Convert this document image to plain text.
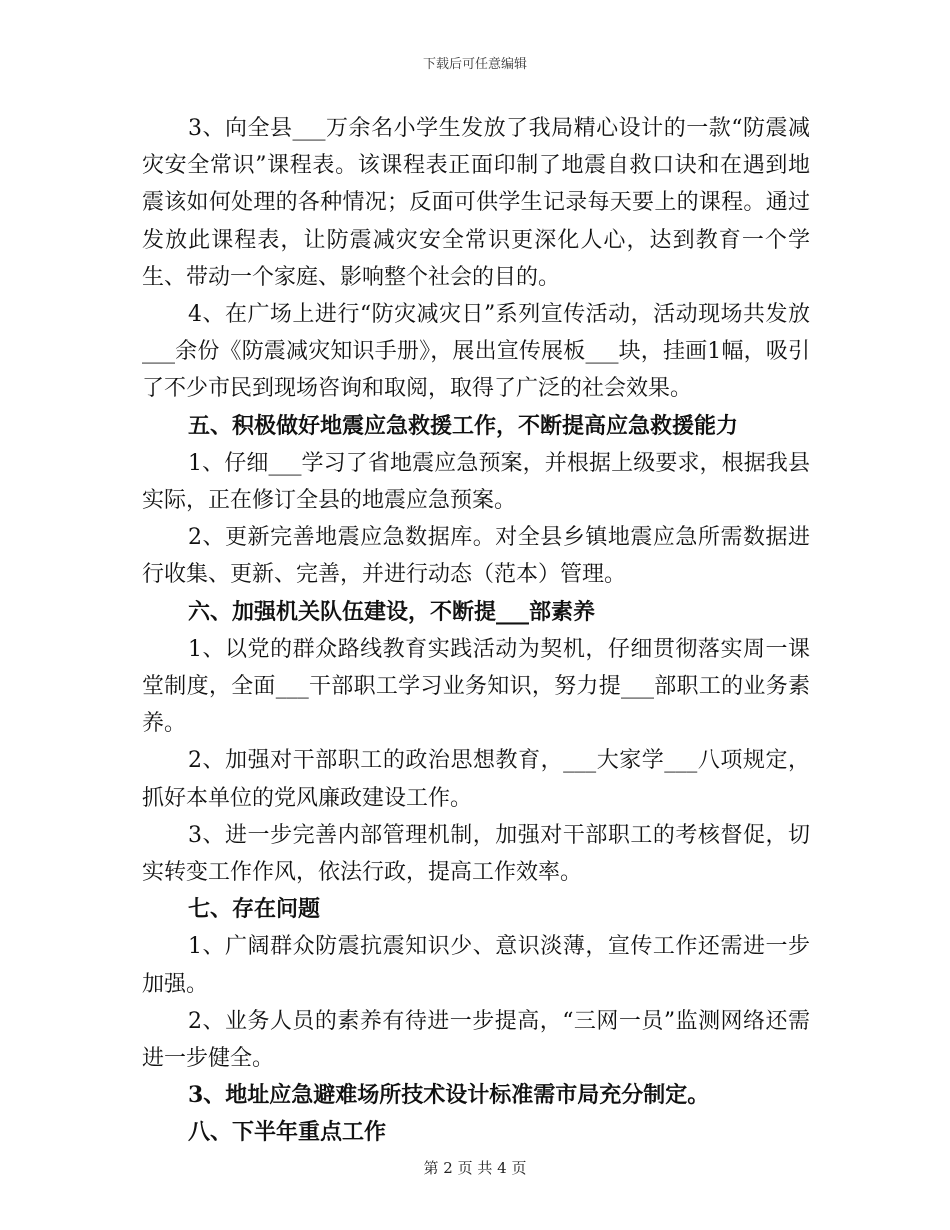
下载后可任意编辑

3、向全县___万余名小学生发放了我局精心设计的一款“防震减灾安全常识”课程表。该课程表正面印制了地震自救口诀和在遇到地震该如何处理的各种情况；反面可供学生记录每天要上的课程。通过发放此课程表，让防震减灾安全常识更深化人心，达到教育一个学生、带动一个家庭、影响整个社会的目的。

4、在广场上进行“防灾减灾日”系列宣传活动，活动现场共发放___余份《防震减灾知识手册》，展出宣传展板___块，挂画1幅，吸引了不少市民到现场咨询和取阅，取得了广泛的社会效果。

五、积极做好地震应急救援工作，不断提高应急救援能力

1、仔细___学习了省地震应急预案，并根据上级要求，根据我县实际，正在修订全县的地震应急预案。

2、更新完善地震应急数据库。对全县乡镇地震应急所需数据进行收集、更新、完善，并进行动态（范本）管理。

六、加强机关队伍建设，不断提___部素养

1、以党的群众路线教育实践活动为契机，仔细贯彻落实周一课堂制度，全面___干部职工学习业务知识，努力提___部职工的业务素养。

2、加强对干部职工的政治思想教育，___大家学___八项规定，抓好本单位的党风廉政建设工作。

3、进一步完善内部管理机制，加强对干部职工的考核督促，切实转变工作作风，依法行政，提高工作效率。

七、存在问题

1、广阔群众防震抗震知识少、意识淡薄，宣传工作还需进一步加强。

2、业务人员的素养有待进一步提高，“三网一员”监测网络还需进一步健全。

3、地址应急避难场所技术设计标准需市局充分制定。

八、下半年重点工作

第 2 页 共 4 页
